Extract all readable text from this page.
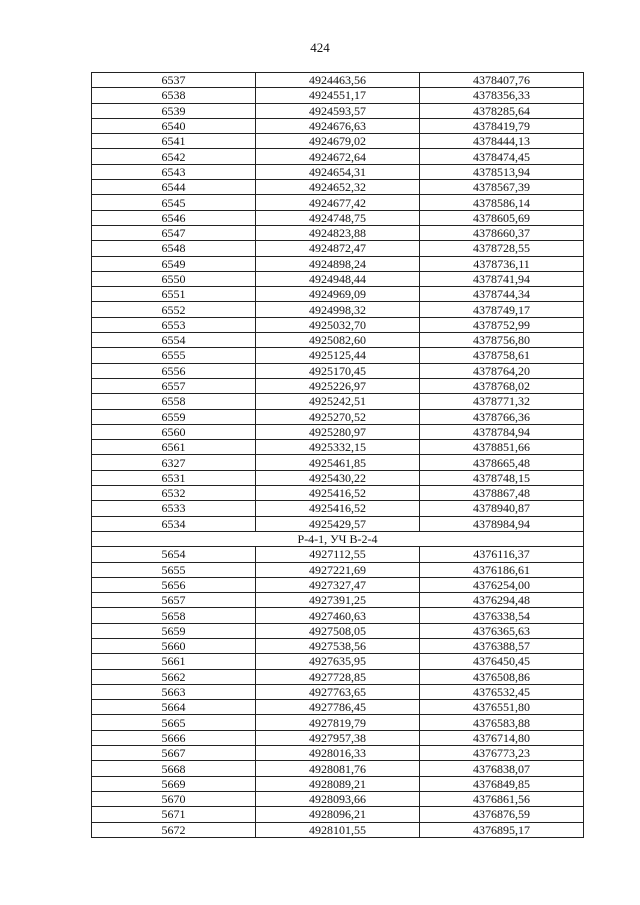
424
6537	4924463,56	4378407,76
6538	4924551,17	4378356,33
6539	4924593,57	4378285,64
6540	4924676,63	4378419,79
6541	4924679,02	4378444,13
6542	4924672,64	4378474,45
6543	4924654,31	4378513,94
6544	4924652,32	4378567,39
6545	4924677,42	4378586,14
6546	4924748,75	4378605,69
6547	4924823,88	4378660,37
6548	4924872,47	4378728,55
6549	4924898,24	4378736,11
6550	4924948,44	4378741,94
6551	4924969,09	4378744,34
6552	4924998,32	4378749,17
6553	4925032,70	4378752,99
6554	4925082,60	4378756,80
6555	4925125,44	4378758,61
6556	4925170,45	4378764,20
6557	4925226,97	4378768,02
6558	4925242,51	4378771,32
6559	4925270,52	4378766,36
6560	4925280,97	4378784,94
6561	4925332,15	4378851,66
6327	4925461,85	4378665,48
6531	4925430,22	4378748,15
6532	4925416,52	4378867,48
6533	4925416,52	4378940,87
6534	4925429,57	4378984,94
Р-4-1, УЧ В-2-4		
5654	4927112,55	4376116,37
5655	4927221,69	4376186,61
5656	4927327,47	4376254,00
5657	4927391,25	4376294,48
5658	4927460,63	4376338,54
5659	4927508,05	4376365,63
5660	4927538,56	4376388,57
5661	4927635,95	4376450,45
5662	4927728,85	4376508,86
5663	4927763,65	4376532,45
5664	4927786,45	4376551,80
5665	4927819,79	4376583,88
5666	4927957,38	4376714,80
5667	4928016,33	4376773,23
5668	4928081,76	4376838,07
5669	4928089,21	4376849,85
5670	4928093,66	4376861,56
5671	4928096,21	4376876,59
5672	4928101,55	4376895,17
